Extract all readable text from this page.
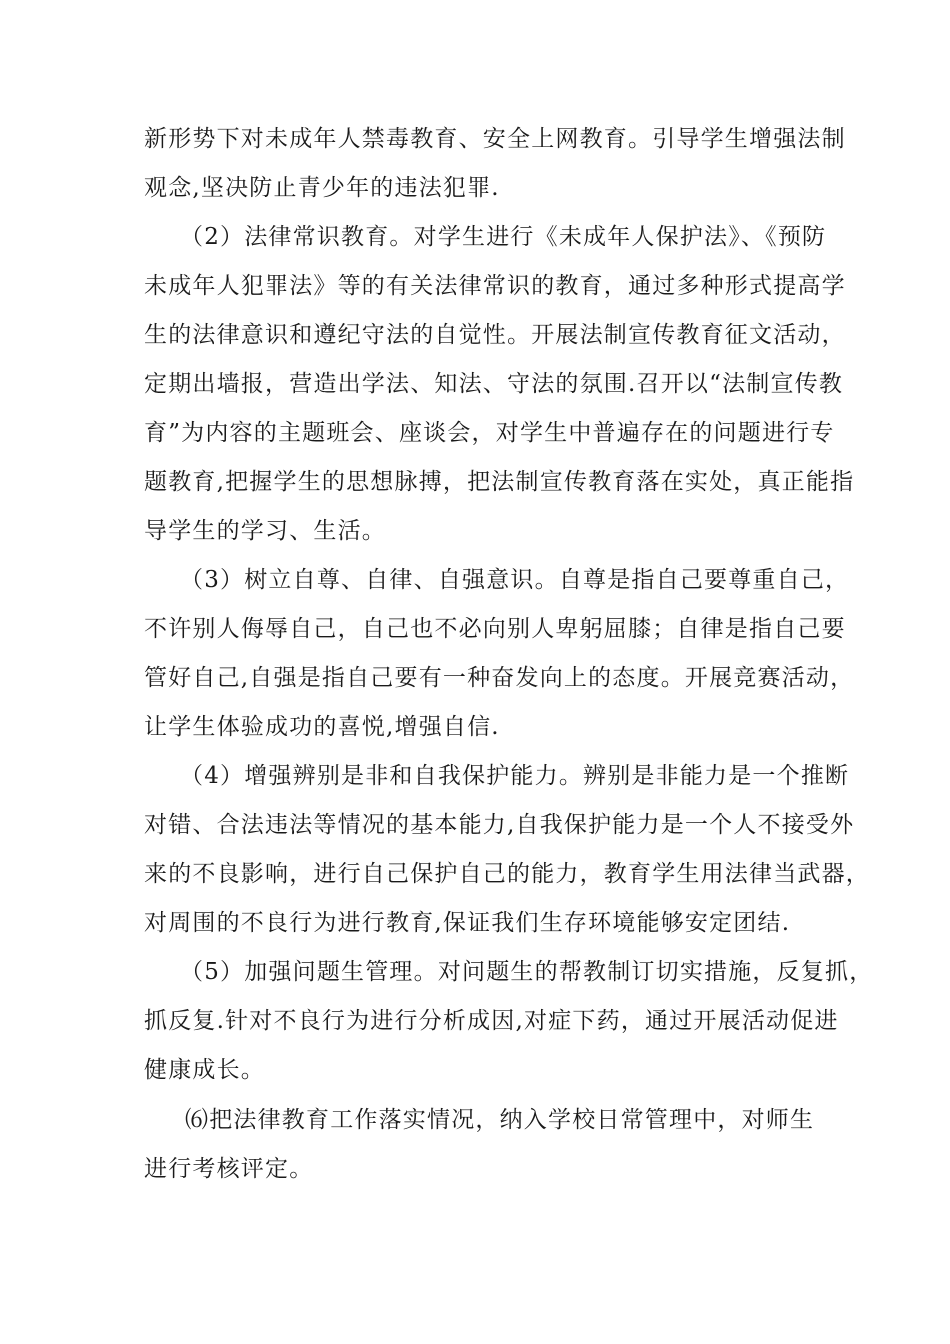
新形势下对未成年人禁毒教育、安全上网教育。引导学生增强法制
观念,坚决防止青少年的违法犯罪.
（2）法律常识教育。对学生进行《未成年人保护法》、《预防
未成年人犯罪法》等的有关法律常识的教育，通过多种形式提高学
生的法律意识和遵纪守法的自觉性。开展法制宣传教育征文活动，
定期出墙报，营造出学法、知法、守法的氛围.召开以“法制宣传教
育”为内容的主题班会、座谈会，对学生中普遍存在的问题进行专
题教育,把握学生的思想脉搏，把法制宣传教育落在实处，真正能指
导学生的学习、生活。
（3）树立自尊、自律、自强意识。自尊是指自己要尊重自己，
不许别人侮辱自己，自己也不必向别人卑躬屈膝；自律是指自己要
管好自己,自强是指自己要有一种奋发向上的态度。开展竞赛活动，
让学生体验成功的喜悦,增强自信.
（4）增强辨别是非和自我保护能力。辨别是非能力是一个推断
对错、合法违法等情况的基本能力,自我保护能力是一个人不接受外
来的不良影响，进行自己保护自己的能力，教育学生用法律当武器，
对周围的不良行为进行教育,保证我们生存环境能够安定团结.
（5）加强问题生管理。对问题生的帮教制订切实措施，反复抓，
抓反复.针对不良行为进行分析成因,对症下药，通过开展活动促进
健康成长。
⑹把法律教育工作落实情况，纳入学校日常管理中，对师生
进行考核评定。
